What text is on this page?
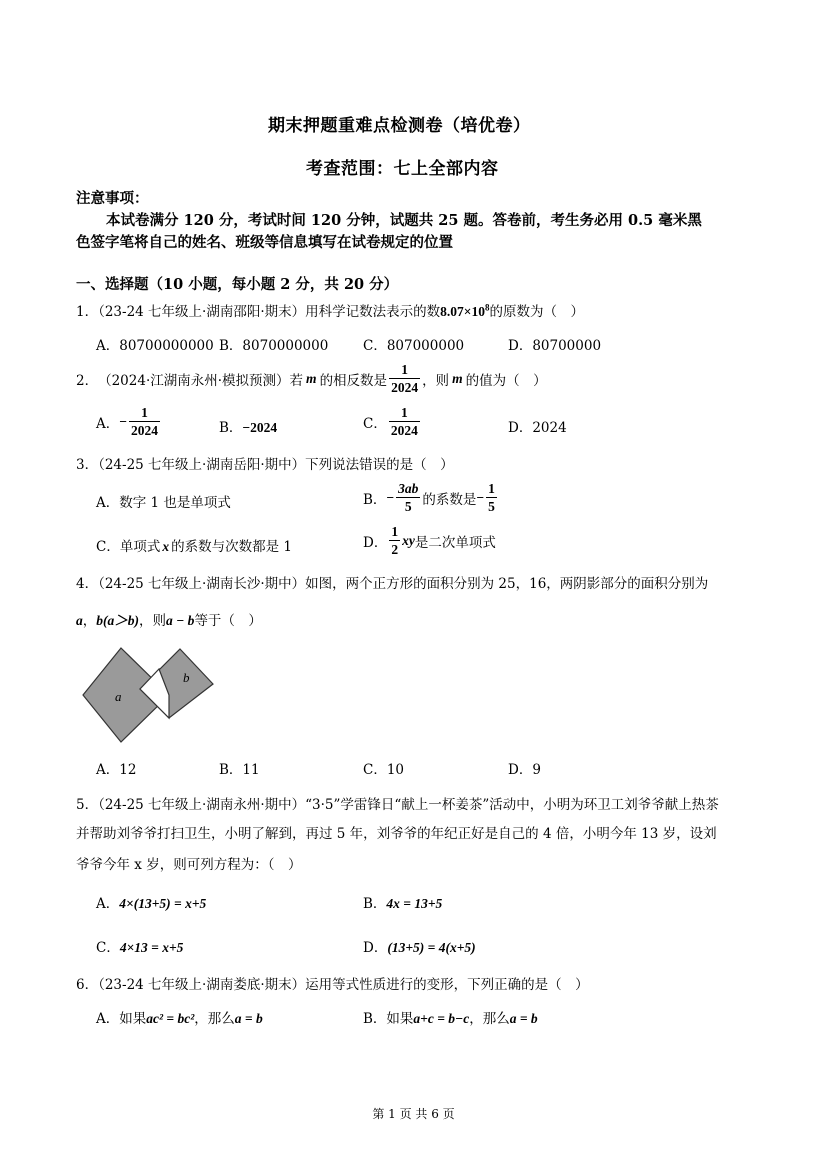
期末押题重难点检测卷（培优卷）
考查范围：七上全部内容
注意事项：
本试卷满分 120 分，考试时间 120 分钟，试题共 25 题。答卷前，考生务必用 0.5 毫米黑
色签字笔将自己的姓名、班级等信息填写在试卷规定的位置
一、选择题（10 小题，每小题 2 分，共 20 分）
1．（23-24 七年级上·湖南邵阳·期末）用科学记数法表示的数$8.07\times 10^8$的原数为（　）
A．80700000000 B．8070000000	C．807000000	D．80700000
2． （2024·江湖南永州·模拟预测） 若 m 的相反数是 $\frac{1}{2024}$ ，则 m 的值为（　）
A． − $\frac{1}{2024}$	B．−2024	C． $\frac{1}{2024}$	D．2024
3．（24-25 七年级上·湖南岳阳·期中）下列说法错误的是（　）
A．数字 1 也是单项式	B． − $\frac{3ab}{5}$ 的系数是 − $\frac{1}{5}$
C．单项式 x 的系数与次数都是 1	D． $\frac{1}{2}$ xy 是二次单项式
4．（24-25 七年级上·湖南长沙·期中）如图，两个正方形的面积分别为 25，16，两阴影部分的面积分别为
a，b(a＞b)，则a − b等于（　）
a
b
A．12	B．11	C．10	D．9
5．（24-25 七年级上·湖南永州·期中）“3·5”学雷锋日“献上一杯姜茶”活动中，小明为环卫工刘爷爷献上热茶
并帮助刘爷爷打扫卫生，小明了解到，再过 5 年，刘爷爷的年纪正好是自己的 4 倍，小明今年 13 岁，设刘
爷爷今年 x 岁，则可列方程为：（　）
A．4×(13+5) = x+5	B．4x = 13+5
C．4×13 = x+5	D．(13+5) = 4(x+5)
6．（23-24 七年级上·湖南娄底·期末）运用等式性质进行的变形，下列正确的是（　）
A．如果ac² = bc²，那么a = b	B．如果a+c = b−c，那么a = b
第 1 页 共 6 页
